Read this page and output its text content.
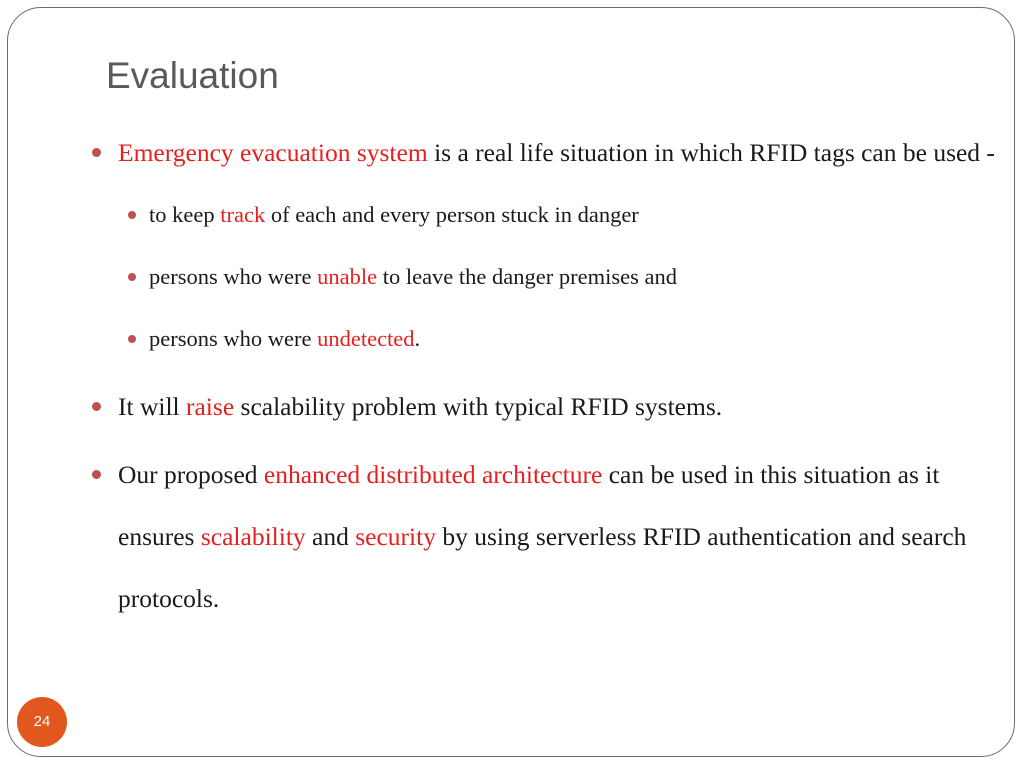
Evaluation

Emergency evacuation system is a real life situation in which RFID tags can be used -

to keep track of each and every person stuck in danger

persons who were unable to leave the danger premises and

persons who were undetected.

It will raise scalability problem with typical RFID systems.

Our proposed enhanced distributed architecture can be used in this situation as it ensures scalability and security by using serverless RFID authentication and search protocols.

24
